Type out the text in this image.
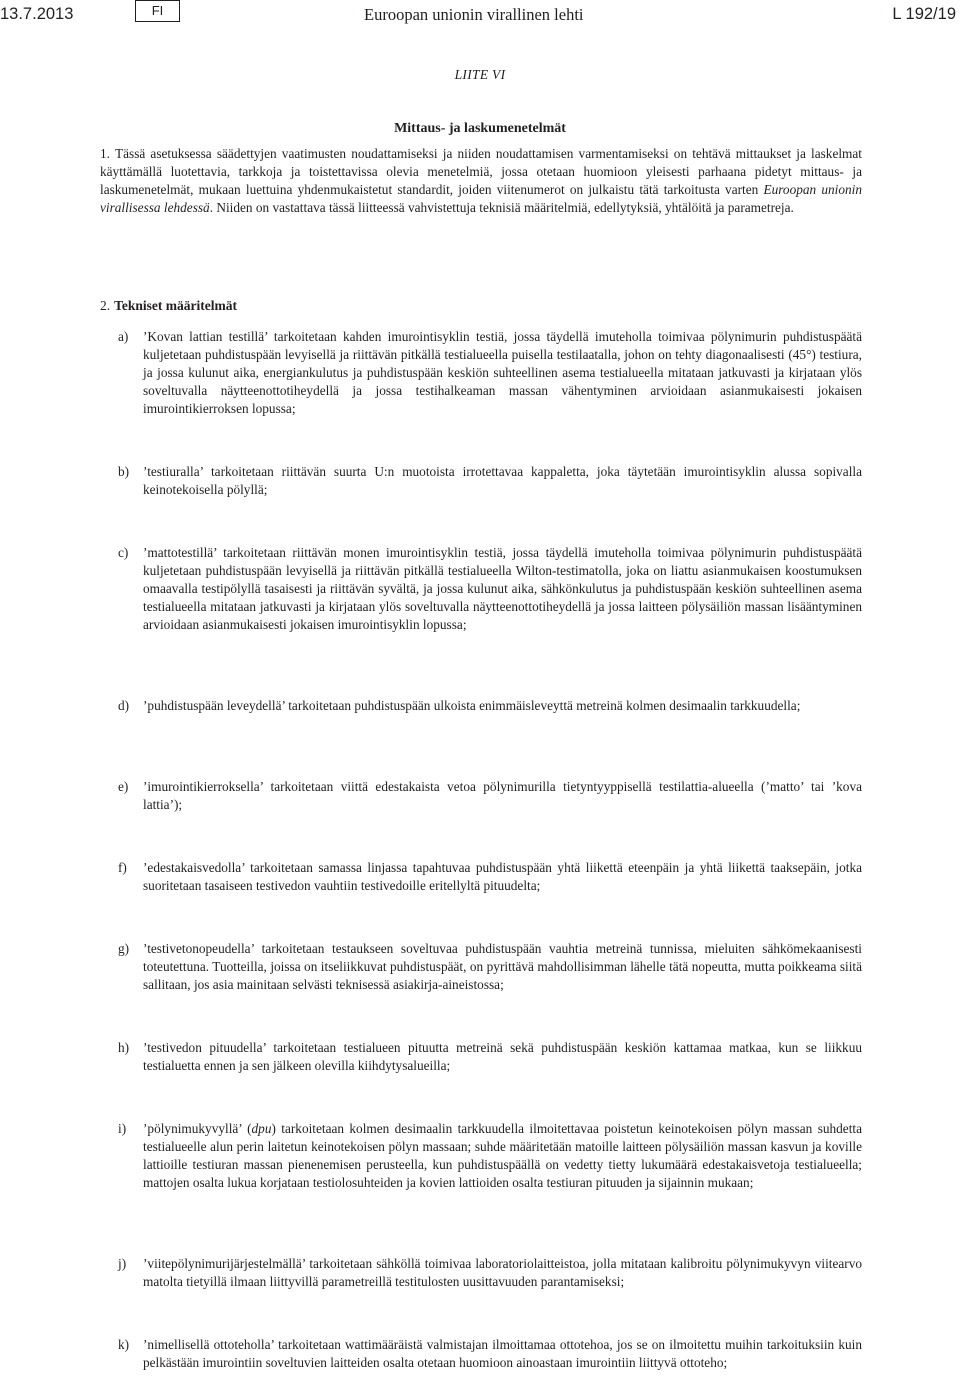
13.7.2013	FI	Euroopan unionin virallinen lehti	L 192/19
LIITE VI
Mittaus- ja laskumenetelmät
1. Tässä asetuksessa säädettyjen vaatimusten noudattamiseksi ja niiden noudattamisen varmentamiseksi on tehtävä mittaukset ja laskelmat käyttämällä luotettavia, tarkkoja ja toistettavissa olevia menetelmiä, jossa otetaan huomioon yleisesti parhaana pidetyt mittaus- ja laskumenetelmät, mukaan luettuina yhdenmukaistetut standardit, joiden viitenumerot on julkaistu tätä tarkoitusta varten Euroopan unionin virallisessa lehdessä. Niiden on vastattava tässä liitteessä vahvistettuja teknisiä määritelmiä, edellytyksiä, yhtälöitä ja parametreja.
2. Tekniset määritelmät
a)	’Kovan lattian testillä’ tarkoitetaan kahden imurointisyklin testiä, jossa täydellä imuteholla toimivaa pölynimurin puhdistuspäätä kuljetetaan puhdistuspään levyisellä ja riittävän pitkällä testialueella puisella testilaatalla, johon on tehty diagonaalisesti (45°) testiura, ja jossa kulunut aika, energiankulutus ja puhdistuspään keskiön suhteellinen asema testialueella mitataan jatkuvasti ja kirjataan ylös soveltuvalla näytteenottotiheydellä ja jossa testihalkeaman massan vähentyminen arvioidaan asianmukaisesti jokaisen imurointikierroksen lopussa;
b)	’testiuralla’ tarkoitetaan riittävän suurta U:n muotoista irrotettavaa kappaletta, joka täytetään imurointisyklin alussa sopivalla keinotekoisella pölyllä;
c)	’mattotestillä’ tarkoitetaan riittävän monen imurointisyklin testiä, jossa täydellä imuteholla toimivaa pölynimurin puhdistuspäätä kuljetetaan puhdistuspään levyisellä ja riittävän pitkällä testialueella Wilton-testimatolla, joka on liattu asianmukaisen koostumuksen omaavalla testipölyllä tasaisesti ja riittävän syvältä, ja jossa kulunut aika, sähkönkulutus ja puhdistuspään keskiön suhteellinen asema testialueella mitataan jatkuvasti ja kirjataan ylös soveltuvalla näytteenottotiheydellä ja jossa laitteen pölysäiliön massan lisääntyminen arvioidaan asianmukaisesti jokaisen imurointisyklin lopussa;
d)	’puhdistuspään leveydellä’ tarkoitetaan puhdistuspään ulkoista enimmäisleveyttä metreinä kolmen desimaalin tarkkuudella;
e)	’imurointikierroksella’ tarkoitetaan viittä edestakaista vetoa pölynimurilla tietyntyyppisellä testilattia-alueella (’matto’ tai ’kova lattia’);
f)	’edestakaisvedolla’ tarkoitetaan samassa linjassa tapahtuvaa puhdistuspään yhtä liikettä eteenpäin ja yhtä liikettä taaksepäin, jotka suoritetaan tasaiseen testivedon vauhtiin testivedoille eritellyltä pituudelta;
g)	’testivetonopeudella’ tarkoitetaan testaukseen soveltuvaa puhdistuspään vauhtia metreinä tunnissa, mieluiten sähkömekaanisesti toteutettuna. Tuotteilla, joissa on itseliikkuvat puhdistuspäät, on pyrittävä mahdollisimman lähelle tätä nopeutta, mutta poikkeama siitä sallitaan, jos asia mainitaan selvästi teknisessä asiakirja-aineistossa;
h)	’testivedon pituudella’ tarkoitetaan testialueen pituutta metreinä sekä puhdistuspään keskiön kattamaa matkaa, kun se liikkuu testialuetta ennen ja sen jälkeen olevilla kiihdytysalueilla;
i)	’pölynimukyvyllä’ (dpu) tarkoitetaan kolmen desimaalin tarkkuudella ilmoitettavaa poistetun keinotekoisen pölyn massan suhdetta testialueelle alun perin laitetun keinotekoisen pölyn massaan; suhde määritetään matoille laitteen pölysäiliön massan kasvun ja koville lattioille testiuran massan pienenemisen perusteella, kun puhdistuspäällä on vedetty tietty lukumäärä edestakaisvetoja testialueella; mattojen osalta lukua korjataan testiolosuhteiden ja kovien lattioiden osalta testiuran pituuden ja sijainnin mukaan;
j)	’viitepölynimurijärjestelmällä’ tarkoitetaan sähköllä toimivaa laboratoriolaitteistoa, jolla mitataan kalibroitu pölynimukyvyn viitearvo matolta tietyillä ilmaan liittyvillä parametreillä testitulosten uusittavuuden parantamiseksi;
k)	’nimellisellä ottoteholla’ tarkoitetaan wattimääräistä valmistajan ilmoittamaa ottotehoa, jos se on ilmoitettu muihin tarkoituksiin kuin pelkästään imurointiin soveltuvien laitteiden osalta otetaan huomioon ainoastaan imurointiin liittyvä ottoteho;
